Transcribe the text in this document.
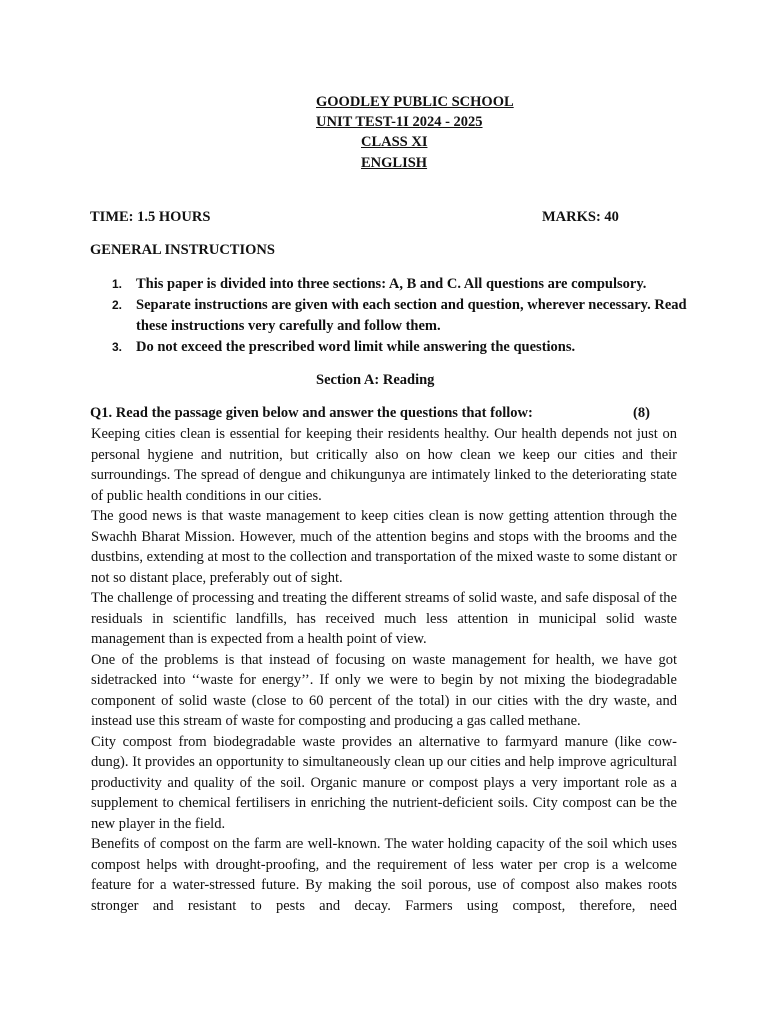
GOODLEY PUBLIC SCHOOL
UNIT TEST-1I 2024 - 2025
CLASS XI
ENGLISH
TIME: 1.5 HOURS	MARKS: 40
GENERAL INSTRUCTIONS
1. This paper is divided into three sections: A, B and C. All questions are compulsory.
2. Separate instructions are given with each section and question, wherever necessary. Read these instructions very carefully and follow them.
3. Do not exceed the prescribed word limit while answering the questions.
Section A: Reading
Q1. Read the passage given below and answer the questions that follow:	(8)

Keeping cities clean is essential for keeping their residents healthy. Our health depends not just on personal hygiene and nutrition, but critically also on how clean we keep our cities and their surroundings. The spread of dengue and chikungunya are intimately linked to the deteriorating state of public health conditions in our cities.

The good news is that waste management to keep cities clean is now getting attention through the Swachh Bharat Mission. However, much of the attention begins and stops with the brooms and the dustbins, extending at most to the collection and transportation of the mixed waste to some distant or not so distant place, preferably out of sight.

The challenge of processing and treating the different streams of solid waste, and safe disposal of the residuals in scientific landfills, has received much less attention in municipal solid waste management than is expected from a health point of view.

One of the problems is that instead of focusing on waste management for health, we have got sidetracked into ‘‘waste for energy’’. If only we were to begin by not mixing the biodegradable component of solid waste (close to 60 percent of the total) in our cities with the dry waste, and instead use this stream of waste for composting and producing a gas called methane.

City compost from biodegradable waste provides an alternative to farmyard manure (like cow-dung). It provides an opportunity to simultaneously clean up our cities and help improve agricultural productivity and quality of the soil. Organic manure or compost plays a very important role as a supplement to chemical fertilisers in enriching the nutrient-deficient soils. City compost can be the new player in the field.

Benefits of compost on the farm are well-known. The water holding capacity of the soil which uses compost helps with drought-proofing, and the requirement of less water per crop is a welcome feature for a water-stressed future. By making the soil porous, use of compost also makes roots stronger and resistant to pests and decay. Farmers using compost, therefore, need
